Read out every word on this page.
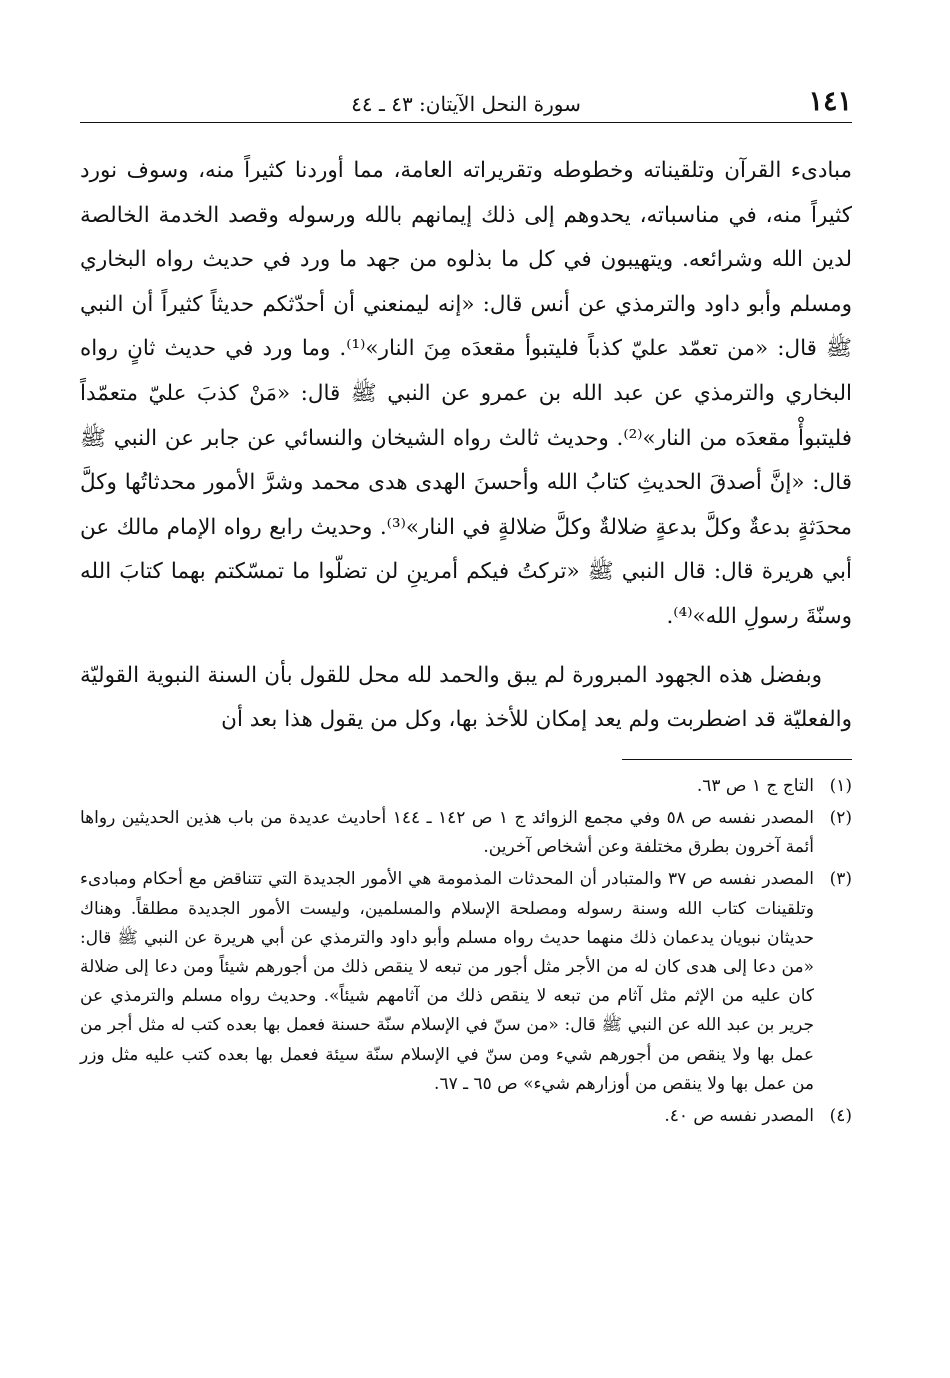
١٤١
سورة النحل الآيتان: ٤٣ ـ ٤٤

مبادىء القرآن وتلقيناته وخطوطه وتقريراته العامة، مما أوردنا كثيراً منه، وسوف نورد كثيراً منه، في مناسباته، يحدوهم إلى ذلك إيمانهم بالله ورسوله وقصد الخدمة الخالصة لدين الله وشرائعه. ويتهيبون في كل ما بذلوه من جهد ما ورد في حديث رواه البخاري ومسلم وأبو داود والترمذي عن أنس قال: «إنه ليمنعني أن أحدّثكم حديثاً كثيراً أن النبي ﷺ قال: «من تعمّد عليّ كذباً فليتبوأ مقعدَه مِنَ النار»⁽¹⁾. وما ورد في حديث ثانٍ رواه البخاري والترمذي عن عبد الله بن عمرو عن النبي ﷺ قال: «مَنْ كذبَ عليّ متعمّداً فليتبوأْ مقعدَه من النار»⁽²⁾. وحديث ثالث رواه الشيخان والنسائي عن جابر عن النبي ﷺ قال: «إنَّ أصدقَ الحديثِ كتابُ الله وأحسنَ الهدى هدى محمد وشرَّ الأمور محدثاتُها وكلَّ محدَثةٍ بدعةٌ وكلَّ بدعةٍ ضلالةٌ وكلَّ ضلالةٍ في النار»⁽³⁾. وحديث رابع رواه الإمام مالك عن أبي هريرة قال: قال النبي ﷺ «تركتُ فيكم أمرينِ لن تضلّوا ما تمسّكتم بهما كتابَ الله وسنّةَ رسولِ الله»⁽⁴⁾.

وبفضل هذه الجهود المبرورة لم يبق والحمد لله محل للقول بأن السنة النبوية القوليّة والفعليّة قد اضطربت ولم يعد إمكان للأخذ بها، وكل من يقول هذا بعد أن

(١)
التاج ج ١ ص ٦٣.
(٢)
المصدر نفسه ص ٥٨ وفي مجمع الزوائد ج ١ ص ١٤٢ ـ ١٤٤ أحاديث عديدة من باب هذين الحديثين رواها أئمة آخرون بطرق مختلفة وعن أشخاص آخرين.
(٣)
المصدر نفسه ص ٣٧ والمتبادر أن المحدثات المذمومة هي الأمور الجديدة التي تتناقض مع أحكام ومبادىء وتلقينات كتاب الله وسنة رسوله ومصلحة الإسلام والمسلمين، وليست الأمور الجديدة مطلقاً. وهناك حديثان نبويان يدعمان ذلك منهما حديث رواه مسلم وأبو داود والترمذي عن أبي هريرة عن النبي ﷺ قال: «من دعا إلى هدى كان له من الأجر مثل أجور من تبعه لا ينقص ذلك من أجورهم شيئاً ومن دعا إلى ضلالة كان عليه من الإثم مثل آثام من تبعه لا ينقص ذلك من آثامهم شيئاً». وحديث رواه مسلم والترمذي عن جرير بن عبد الله عن النبي ﷺ قال: «من سنّ في الإسلام سنّة حسنة فعمل بها بعده كتب له مثل أجر من عمل بها ولا ينقص من أجورهم شيء ومن سنّ في الإسلام سنّة سيئة فعمل بها بعده كتب عليه مثل وزر من عمل بها ولا ينقص من أوزارهم شيء» ص ٦٥ ـ ٦٧.
(٤)
المصدر نفسه ص ٤٠.
